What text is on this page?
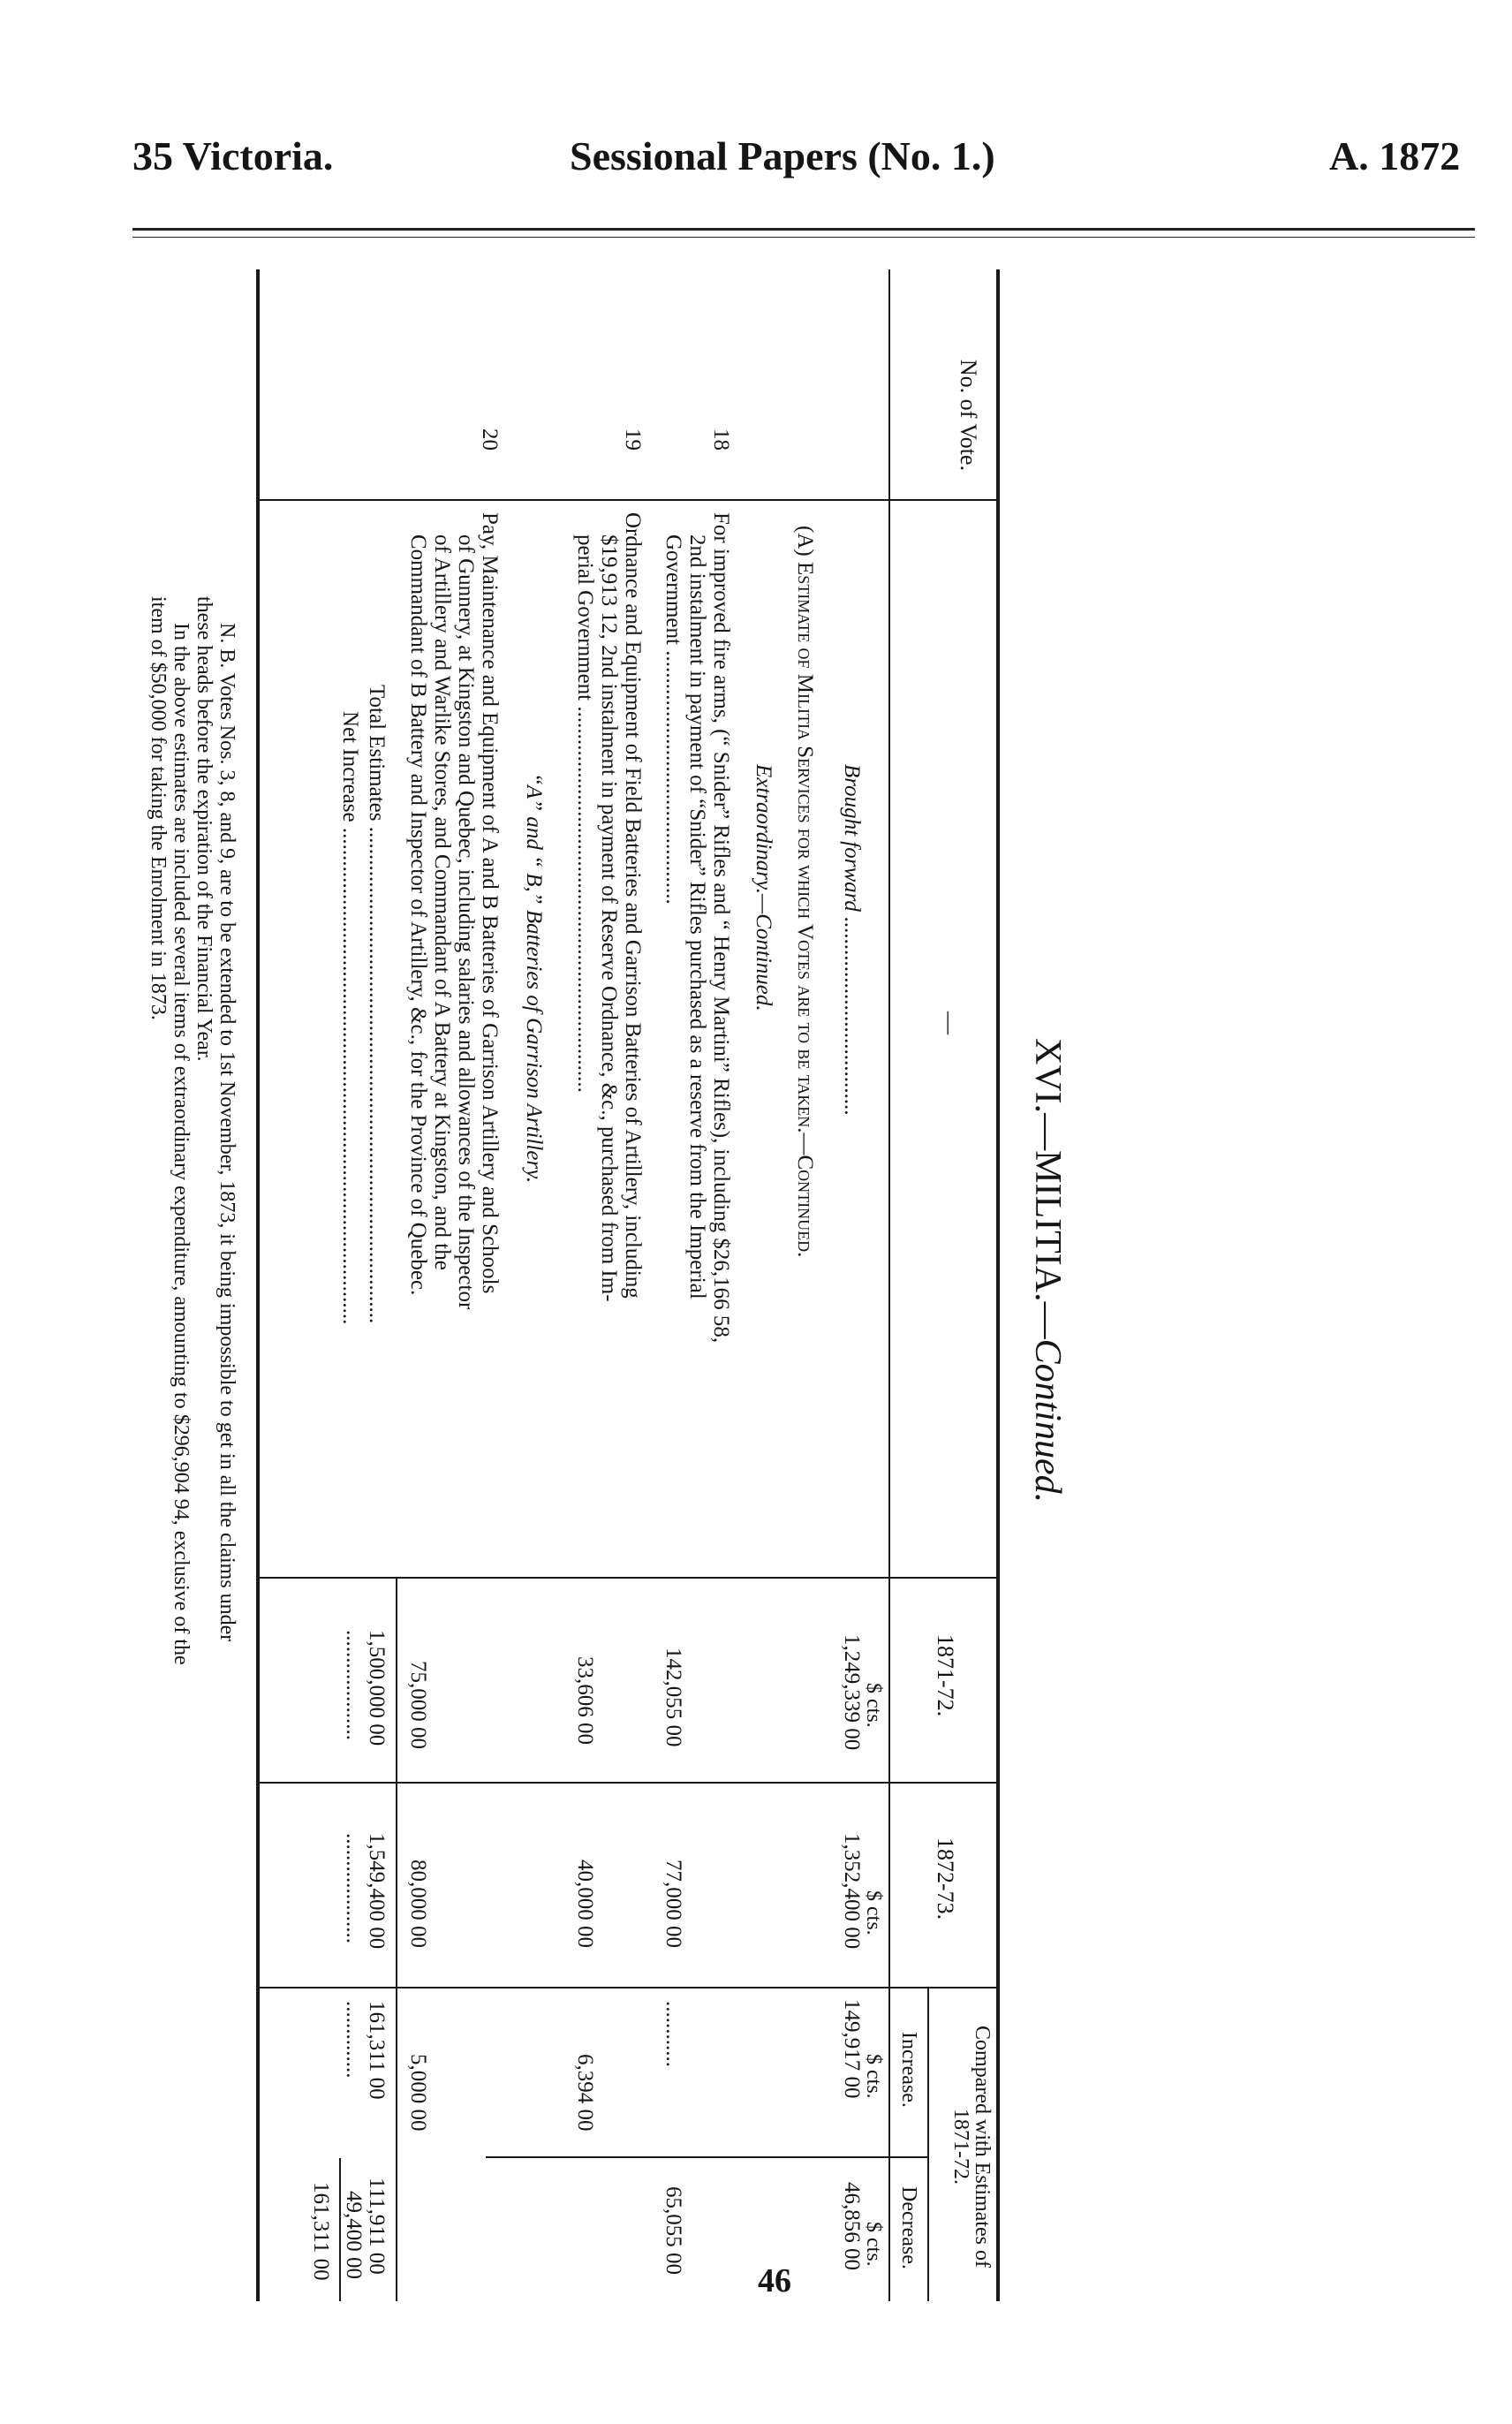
35 Victoria.	Sessional Papers (No. 1.)	A. 1872
XVI.—MILITIA.—Continued.
No. of Vote.
—
1871-72.
1872-73.
Compared with Estimates of 1871-72.
Increase.
Decrease.
$ cts.
$ cts.
$ cts.
$ cts.
Brought forward ....................................
1,249,339 00
1,352,400 00
149,917 00
46,856 00
(A) Estimate of Militia Services for which Votes are to be taken.—Continued.
Extraordinary.—Continued.
18
For improved fire arms, (“ Snider” Rifles and “ Henry Martini” Rifles), including $26,166 58,
2nd instalment in payment of “Snider” Rifles purchased as a reserve from the Imperial
Government ..............................................
142,055 00
77,000 00
............
65,055 00
19
Ordnance and Equipment of Field Batteries and Garrison Batteries of Artillery, including
$19,913 12, 2nd instalment in payment of Reserve Ordnance, &c., purchased from Im-
perial Government ......................................................................
33,606 00
40,000 00
6,394 00
“A” and “ B,” Batteries of Garrison Artillery.
20
Pay, Maintenance and Equipment of A and B Batteries of Garrison Artillery and Schools
of Gunnery, at Kingston and Quebec, including salaries and allowances of the Inspector
of Artillery and Warlike Stores, and Commandant of A Battery at Kingston, and the
Commandant of B Battery and Inspector of Artillery, &c., for the Province of Quebec.
75,000 00
80,000 00
5,000 00
Total Estimates ..........................................................................................
1,500,000 00
1,549,400 00
161,311 00
111,911 00
49,400 00
Net Increase ..........................................................................................
....................
....................
..............
161,311 00
N. B. Votes Nos. 3, 8, and 9, are to be extended to 1st November, 1873, it being impossible to get in all the claims under
these heads before the expiration of the Financial Year.
In the above estimates are included several items of extraordinary expenditure, amounting to $296,904 94, exclusive of the
item of $50,000 for taking the Enrolment in 1873.
46
